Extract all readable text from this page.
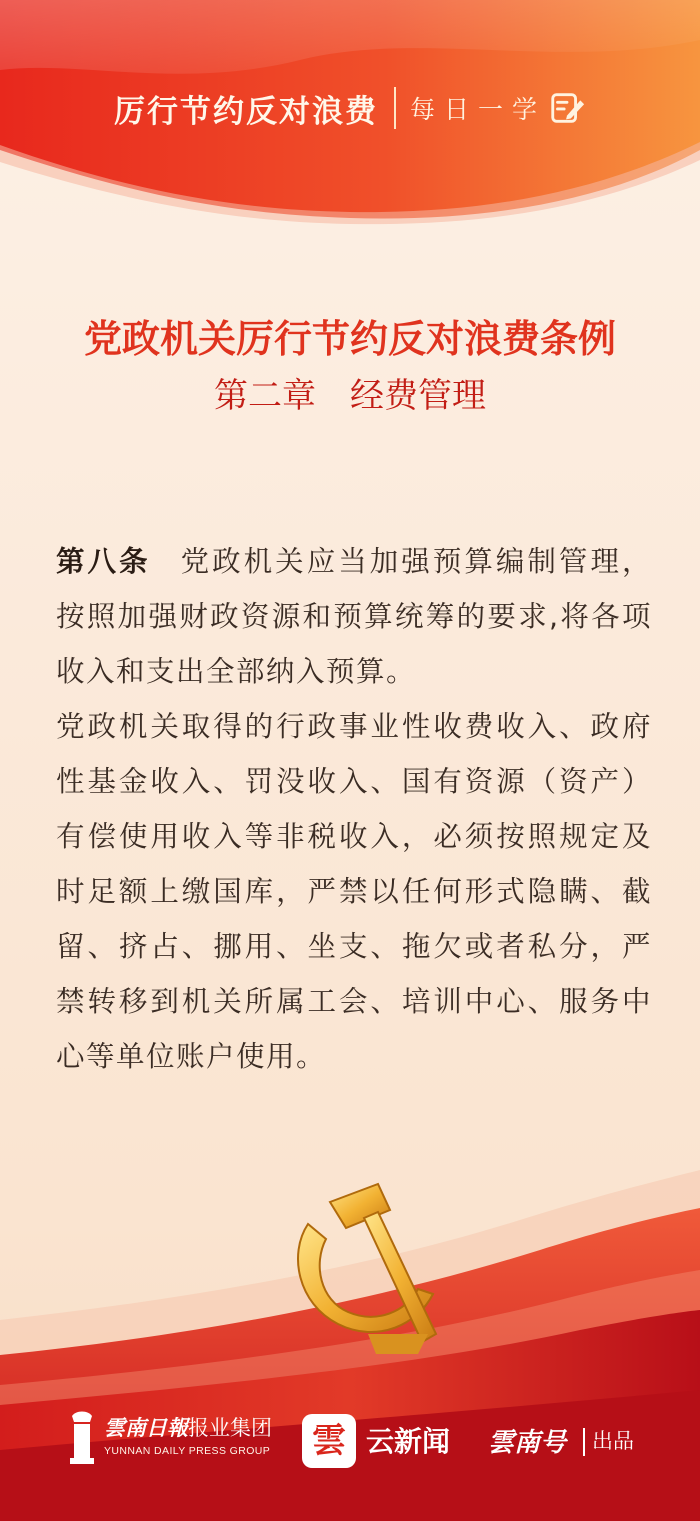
厉行节约反对浪费 每日一学
党政机关厉行节约反对浪费条例
第二章 经费管理

第八条 党政机关应当加强预算编制管理，按照加强财政资源和预算统筹的要求,将各项收入和支出全部纳入预算。

党政机关取得的行政事业性收费收入、政府性基金收入、罚没收入、国有资源（资产）有偿使用收入等非税收入，必须按照规定及时足额上缴国库，严禁以任何形式隐瞒、截留、挤占、挪用、坐支、拖欠或者私分，严禁转移到机关所属工会、培训中心、服务中心等单位账户使用。

雲南日報报业集团
YUNNAN DAILY PRESS GROUP 雲 云新闻 雲南号 出品
